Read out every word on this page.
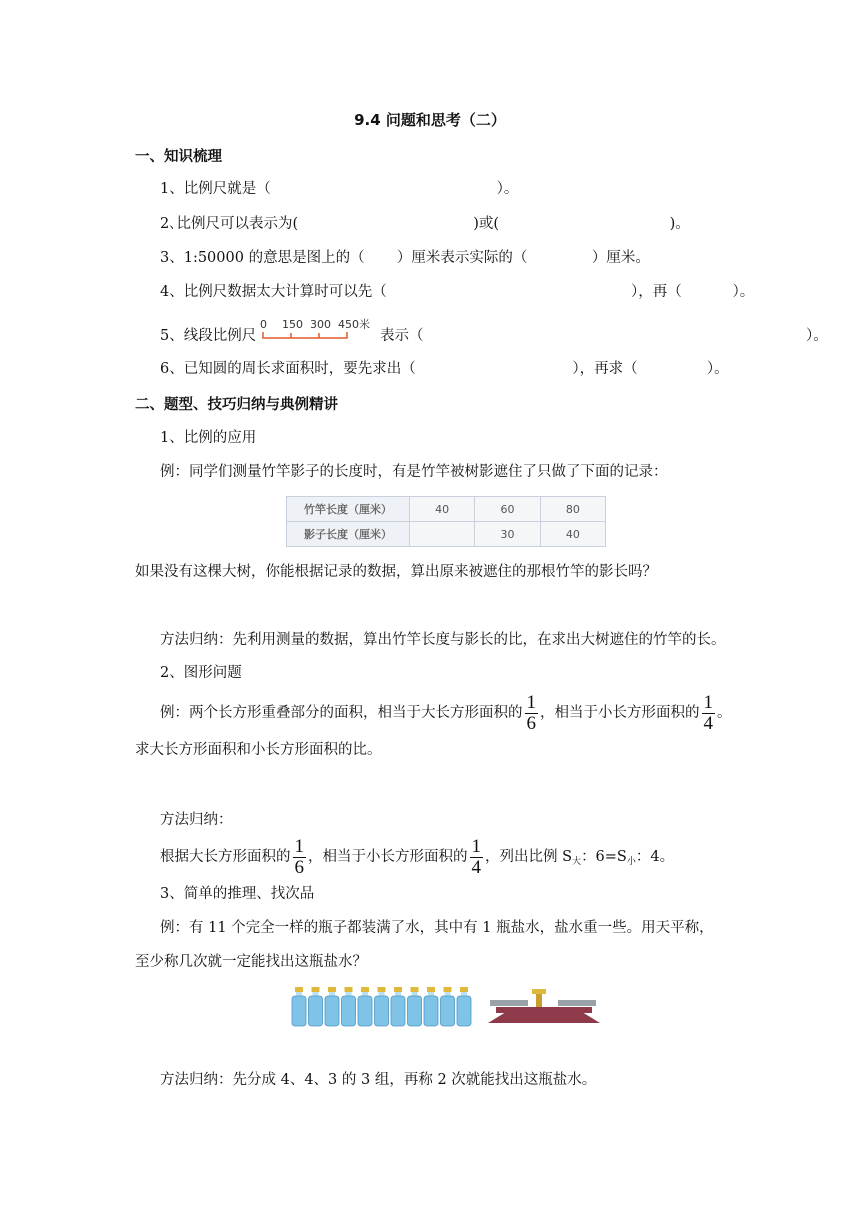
9.4 问题和思考（二）
一、知识梳理
1、比例尺就是（                                                 ）。
2､比例尺可以表示为(                                      )或(                                     )。
3、1:50000 的意思是图上的（       ）厘米表示实际的（              ）厘米。
4、比例尺数据太大计算时可以先（                                                     ），再（           ）。
5、线段比例尺
0 150 300 450米
表示（                                                                                   ）。
6、已知圆的周长求面积时，要先求出（                                  ），再求（               ）。
二、题型、技巧归纳与典例精讲
1、比例的应用
例：同学们测量竹竿影子的长度时，有是竹竿被树影遮住了只做了下面的记录：
竹竿长度（厘米）	40	60	80
影子长度（厘米）		30	40
如果没有这棵大树，你能根据记录的数据，算出原来被遮住的那根竹竿的影长吗？
方法归纳：先利用测量的数据，算出竹竿长度与影长的比，在求出大树遮住的竹竿的长。
2、图形问题
例：两个长方形重叠部分的面积，相当于大长方形面积的 $\frac{1}{6}$ ，相当于小长方形面积的 $\frac{1}{4}$ 。
求大长方形面积和小长方形面积的比。
方法归纳：
根据大长方形面积的 $\frac{1}{6}$ ，相当于小长方形面积的 $\frac{1}{4}$ ，列出比例 $S_大$：$6=S_小$：4。
3、简单的推理、找次品
例：有 11 个完全一样的瓶子都装满了水，其中有 1 瓶盐水，盐水重一些。用天平称，
至少称几次就一定能找出这瓶盐水？
方法归纳：先分成 4、4、3 的 3 组，再称 2 次就能找出这瓶盐水。
